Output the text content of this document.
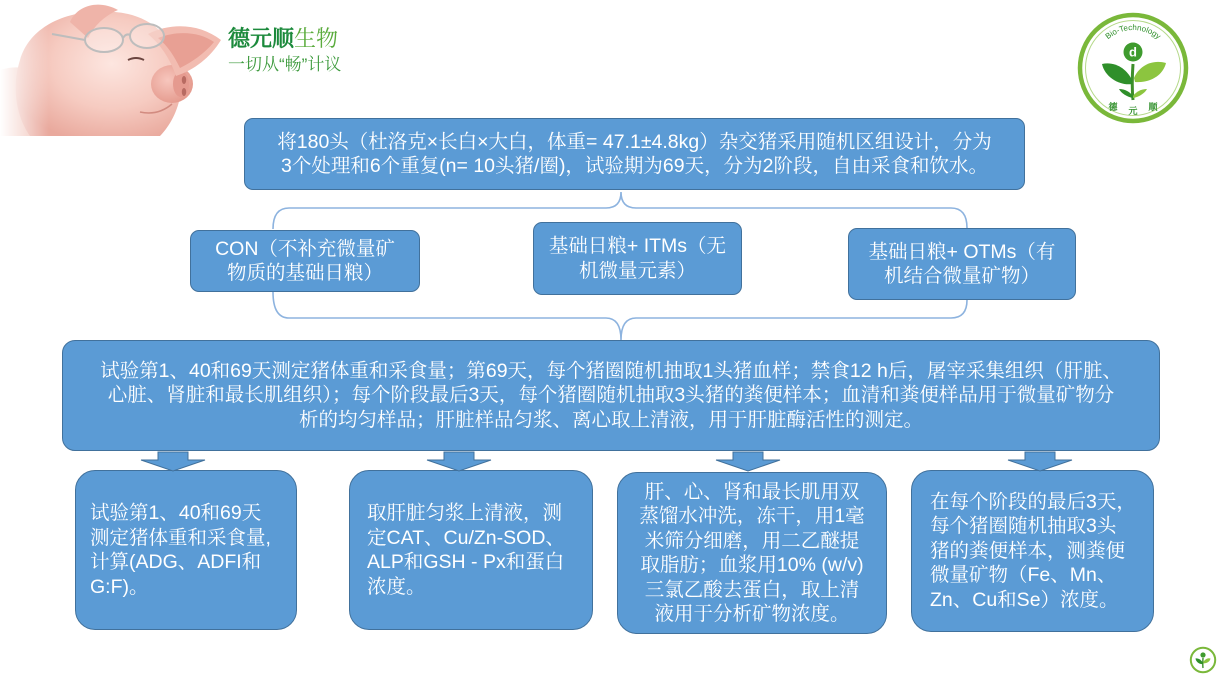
德元顺生物
一切从“畅”计议
Bio-Technology
d
德 元 顺
将180头（杜洛克×长白×大白，体重= 47.1±4.8kg）杂交猪采用随机区组设计，分为
3个处理和6个重复(n= 10头猪/圈)，试验期为69天，分为2阶段，自由采食和饮水。
CON（不补充微量矿
物质的基础日粮）
基础日粮+ ITMs（无
机微量元素）
基础日粮+ OTMs（有
机结合微量矿物）
试验第1、40和69天测定猪体重和采食量；第69天，每个猪圈随机抽取1头猪血样；禁食12 h后，屠宰采集组织（肝脏、
心脏、肾脏和最长肌组织）；每个阶段最后3天，每个猪圈随机抽取3头猪的粪便样本；血清和粪便样品用于微量矿物分
析的均匀样品；肝脏样品匀浆、离心取上清液，用于肝脏酶活性的测定。
试验第1、40和69天
测定猪体重和采食量,
计算(ADG、ADFI和
G:F)。
取肝脏匀浆上清液，测
定CAT、Cu/Zn-SOD、
ALP和GSH - Px和蛋白
浓度。
肝、心、肾和最长肌用双
蒸馏水冲洗，冻干，用1毫
米筛分细磨，用二乙醚提
取脂肪；血浆用10% (w/v)
三氯乙酸去蛋白，取上清
液用于分析矿物浓度。
在每个阶段的最后3天，
每个猪圈随机抽取3头
猪的粪便样本，测粪便
微量矿物（Fe、Mn、
Zn、Cu和Se）浓度。
